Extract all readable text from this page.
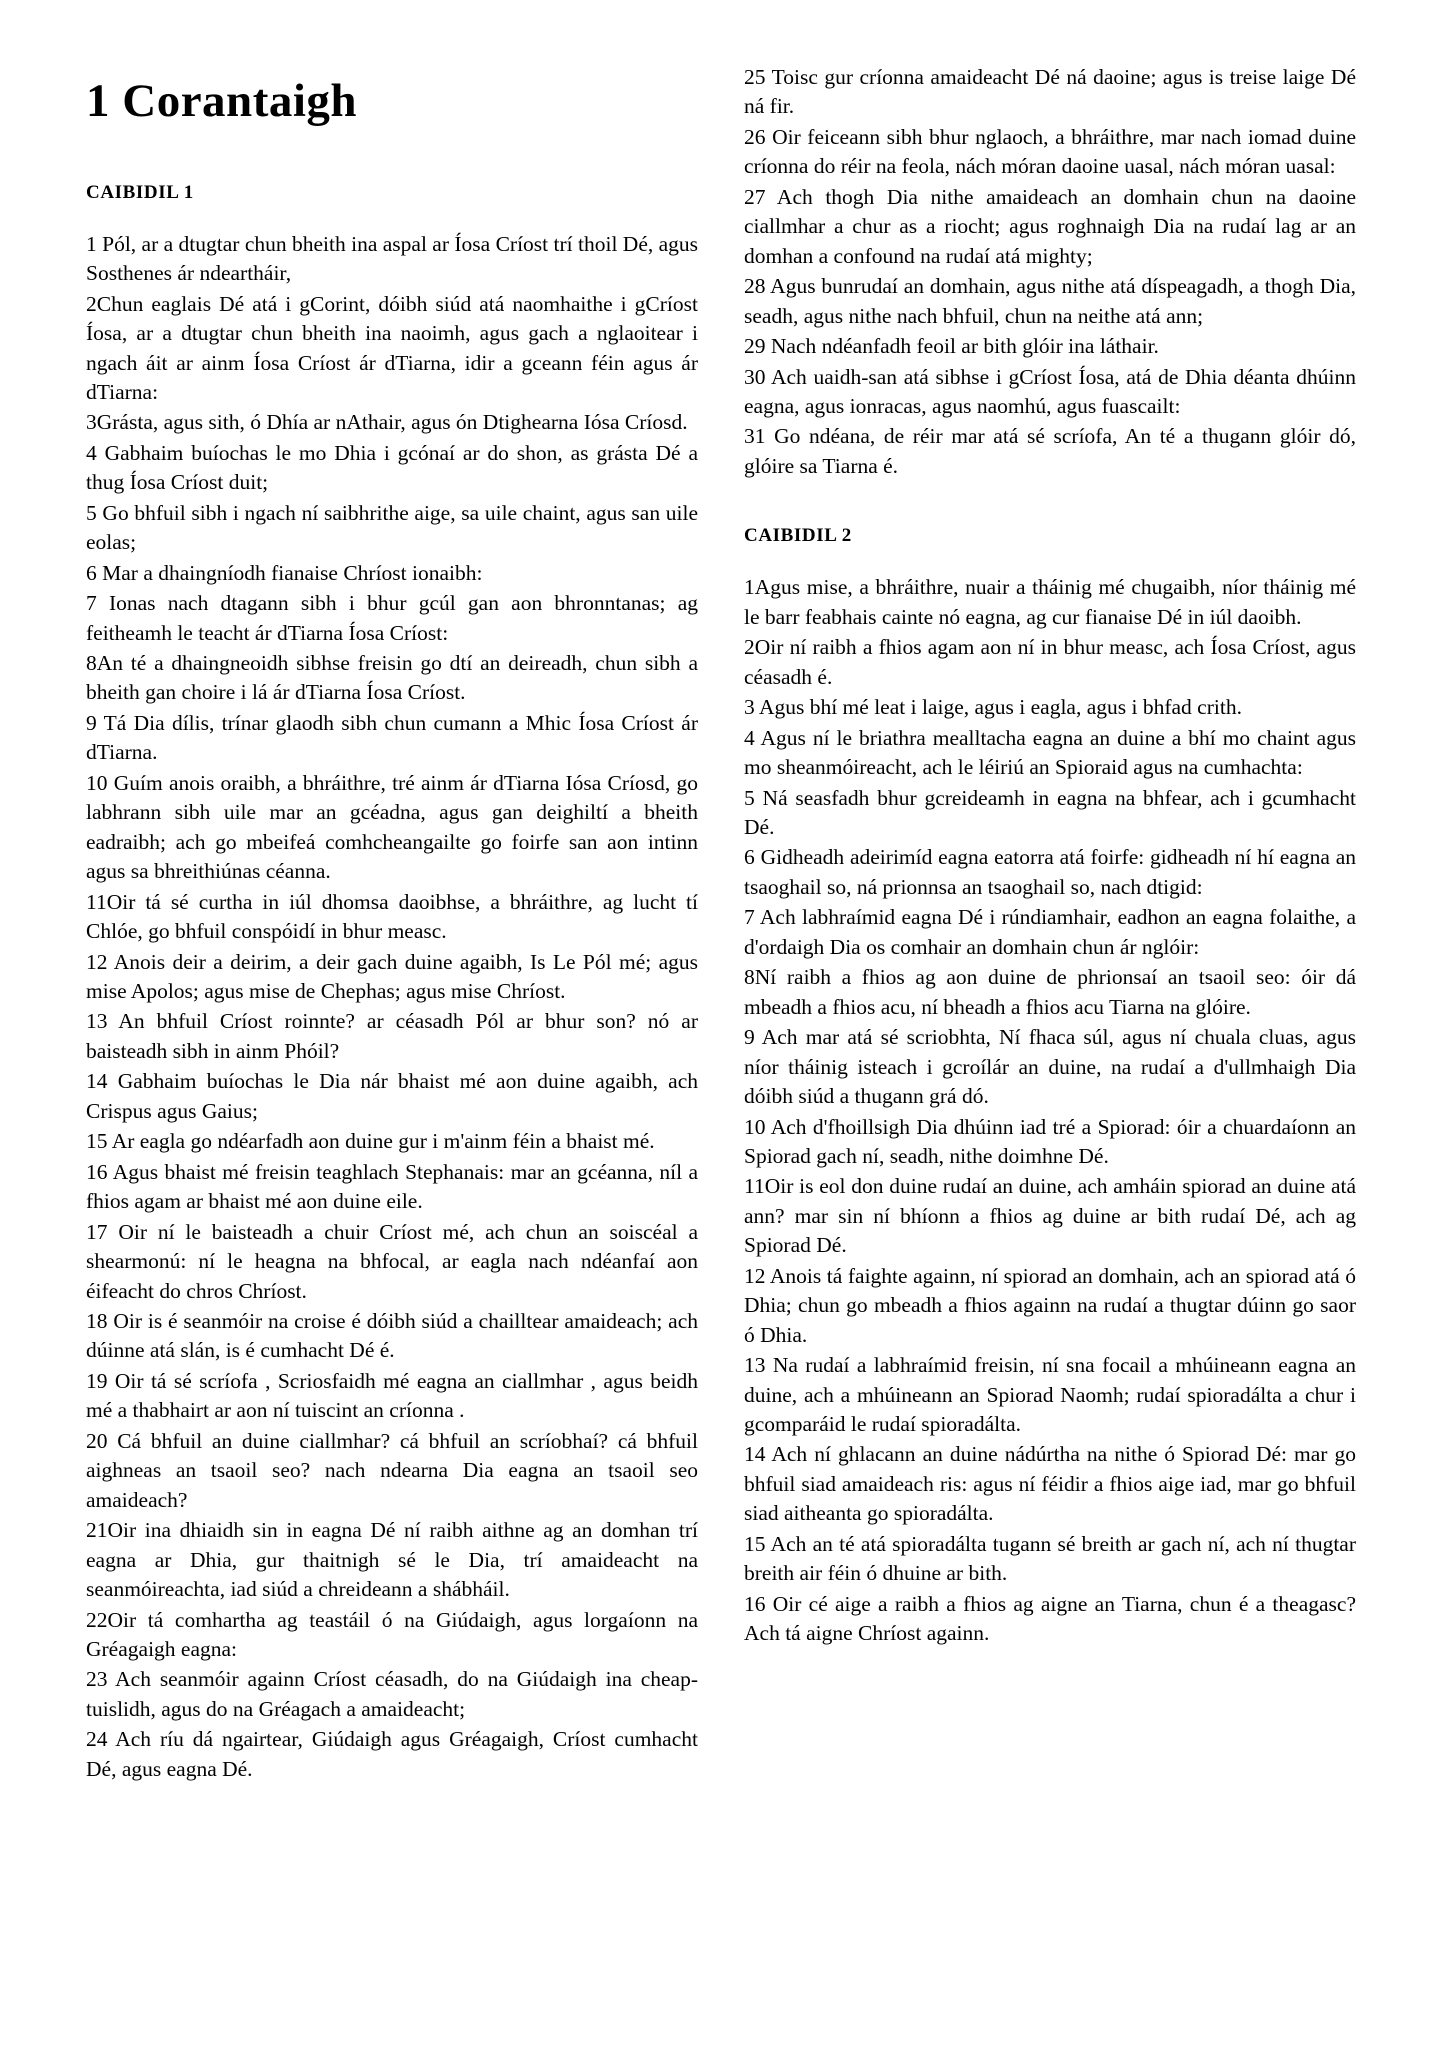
1 Corantaigh
CAIBIDIL 1

1 Pól, ar a dtugtar chun bheith ina aspal ar Íosa Críost trí thoil Dé, agus Sosthenes ár ndeartháir,

2Chun eaglais Dé atá i gCorint, dóibh siúd atá naomhaithe i gCríost Íosa, ar a dtugtar chun bheith ina naoimh, agus gach a nglaoitear i ngach áit ar ainm Íosa Críost ár dTiarna, idir a gceann féin agus ár dTiarna:

3Grásta, agus sith, ó Dhía ar nAthair, agus ón Dtighearna Iósa Críosd.

4 Gabhaim buíochas le mo Dhia i gcónaí ar do shon, as grásta Dé a thug Íosa Críost duit;

5 Go bhfuil sibh i ngach ní saibhrithe aige, sa uile chaint, agus san uile eolas;

6 Mar a dhaingníodh fianaise Chríost ionaibh:

7 Ionas nach dtagann sibh i bhur gcúl gan aon bhronntanas; ag feitheamh le teacht ár dTiarna Íosa Críost:

8An té a dhaingneoidh sibhse freisin go dtí an deireadh, chun sibh a bheith gan choire i lá ár dTiarna Íosa Críost.

9 Tá Dia dílis, trínar glaodh sibh chun cumann a Mhic Íosa Críost ár dTiarna.

10 Guím anois oraibh, a bhráithre, tré ainm ár dTiarna Iósa Críosd, go labhrann sibh uile mar an gcéadna, agus gan deighiltí a bheith eadraibh; ach go mbeifeá comhcheangailte go foirfe san aon intinn agus sa bhreithiúnas céanna.

11Oir tá sé curtha in iúl dhomsa daoibhse, a bhráithre, ag lucht tí Chlóe, go bhfuil conspóidí in bhur measc.

12 Anois deir a deirim, a deir gach duine agaibh, Is Le Pól mé; agus mise Apolos; agus mise de Chephas; agus mise Chríost.

13 An bhfuil Críost roinnte? ar céasadh Pól ar bhur son? nó ar baisteadh sibh in ainm Phóil?

14 Gabhaim buíochas le Dia nár bhaist mé aon duine agaibh, ach Crispus agus Gaius;

15 Ar eagla go ndéarfadh aon duine gur i m'ainm féin a bhaist mé.

16 Agus bhaist mé freisin teaghlach Stephanais: mar an gcéanna, níl a fhios agam ar bhaist mé aon duine eile.

17 Oir ní le baisteadh a chuir Críost mé, ach chun an soiscéal a shearmonú: ní le heagna na bhfocal, ar eagla nach ndéanfaí aon éifeacht do chros Chríost.

18 Oir is é seanmóir na croise é dóibh siúd a chailltear amaideach; ach dúinne atá slán, is é cumhacht Dé é.

19 Oir tá sé scríofa , Scriosfaidh mé eagna an ciallmhar , agus beidh mé a thabhairt ar aon ní tuiscint an críonna .

20 Cá bhfuil an duine ciallmhar? cá bhfuil an scríobhaí? cá bhfuil aighneas an tsaoil seo? nach ndearna Dia eagna an tsaoil seo amaideach?

21Oir ina dhiaidh sin in eagna Dé ní raibh aithne ag an domhan trí eagna ar Dhia, gur thaitnigh sé le Dia, trí amaideacht na seanmóireachta, iad siúd a chreideann a shábháil.

22Oir tá comhartha ag teastáil ó na Giúdaigh, agus lorgaíonn na Gréagaigh eagna:

23 Ach seanmóir againn Críost céasadh, do na Giúdaigh ina cheap-tuislidh, agus do na Gréagach a amaideacht;

24 Ach ríu dá ngairtear, Giúdaigh agus Gréagaigh, Críost cumhacht Dé, agus eagna Dé.

25 Toisc gur críonna amaideacht Dé ná daoine; agus is treise laige Dé ná fir.

26 Oir feiceann sibh bhur nglaoch, a bhráithre, mar nach iomad duine críonna do réir na feola, nách móran daoine uasal, nách móran uasal:

27 Ach thogh Dia nithe amaideach an domhain chun na daoine ciallmhar a chur as a riocht; agus roghnaigh Dia na rudaí lag ar an domhan a confound na rudaí atá mighty;

28 Agus bunrudaí an domhain, agus nithe atá díspeagadh, a thogh Dia, seadh, agus nithe nach bhfuil, chun na neithe atá ann;

29 Nach ndéanfadh feoil ar bith glóir ina láthair.

30 Ach uaidh-san atá sibhse i gCríost Íosa, atá de Dhia déanta dhúinn eagna, agus ionracas, agus naomhú, agus fuascailt:

31 Go ndéana, de réir mar atá sé scríofa, An té a thugann glóir dó, glóire sa Tiarna é.

CAIBIDIL 2

1Agus mise, a bhráithre, nuair a tháinig mé chugaibh, níor tháinig mé le barr feabhais cainte nó eagna, ag cur fianaise Dé in iúl daoibh.

2Oir ní raibh a fhios agam aon ní in bhur measc, ach Íosa Críost, agus céasadh é.

3 Agus bhí mé leat i laige, agus i eagla, agus i bhfad crith.

4 Agus ní le briathra mealltacha eagna an duine a bhí mo chaint agus mo sheanmóireacht, ach le léiriú an Spioraid agus na cumhachta:

5 Ná seasfadh bhur gcreideamh in eagna na bhfear, ach i gcumhacht Dé.

6 Gidheadh adeirimíd eagna eatorra atá foirfe: gidheadh ní hí eagna an tsaoghail so, ná prionnsa an tsaoghail so, nach dtigid:

7 Ach labhraímid eagna Dé i rúndiamhair, eadhon an eagna folaithe, a d'ordaigh Dia os comhair an domhain chun ár nglóir:

8Ní raibh a fhios ag aon duine de phrionsaí an tsaoil seo: óir dá mbeadh a fhios acu, ní bheadh a fhios acu Tiarna na glóire.

9 Ach mar atá sé scriobhta, Ní fhaca súl, agus ní chuala cluas, agus níor tháinig isteach i gcroílár an duine, na rudaí a d'ullmhaigh Dia dóibh siúd a thugann grá dó.

10 Ach d'fhoillsigh Dia dhúinn iad tré a Spiorad: óir a chuardaíonn an Spiorad gach ní, seadh, nithe doimhne Dé.

11Oir is eol don duine rudaí an duine, ach amháin spiorad an duine atá ann? mar sin ní bhíonn a fhios ag duine ar bith rudaí Dé, ach ag Spiorad Dé.

12 Anois tá faighte againn, ní spiorad an domhain, ach an spiorad atá ó Dhia; chun go mbeadh a fhios againn na rudaí a thugtar dúinn go saor ó Dhia.

13 Na rudaí a labhraímid freisin, ní sna focail a mhúineann eagna an duine, ach a mhúineann an Spiorad Naomh; rudaí spioradálta a chur i gcomparáid le rudaí spioradálta.

14 Ach ní ghlacann an duine nádúrtha na nithe ó Spiorad Dé: mar go bhfuil siad amaideach ris: agus ní féidir a fhios aige iad, mar go bhfuil siad aitheanta go spioradálta.

15 Ach an té atá spioradálta tugann sé breith ar gach ní, ach ní thugtar breith air féin ó dhuine ar bith.

16 Oir cé aige a raibh a fhios ag aigne an Tiarna, chun é a theagasc? Ach tá aigne Chríost againn.
